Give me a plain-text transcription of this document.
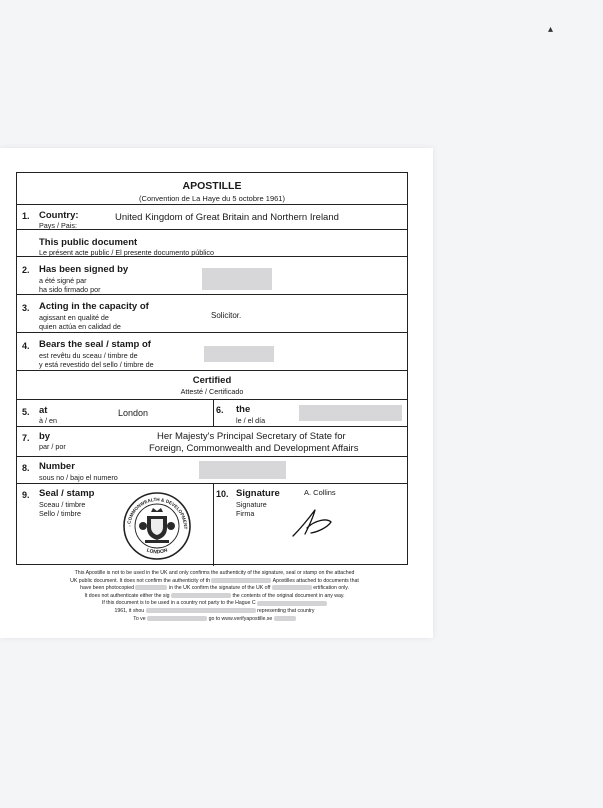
▴
APOSTILLE
(Convention de La Haye du 5 octobre 1961)
1. Country:
Pays / Pais:
United Kingdom of Great Britain and Northern Ireland
This public document
Le présent acte public / El presente documento público
2. Has been signed by
a été signé par
ha sido firmado por
3. Acting in the capacity of
agissant en qualité de
quien actúa en calidad de
Solicitor.
4. Bears the seal / stamp of
est revêtu du sceau / timbre de
y está revestido del sello / timbre de
Certified
Attesté / Certificado
5. at
à / en
London	6. the
le / el día
7. by
par / por
Her Majesty's Principal Secretary of State for
Foreign, Commonwealth and Development Affairs
8. Number
sous no / bajo el numero
9. Seal / stamp
Sceau / timbre
Sello / timbre
, COMMONWEALTH & DEVELOPMENT
LONDON
10. Signature
Signature
Firma
A. Collins
This Apostille is not to be used in the UK and only confirms the authenticity of the signature, seal or stamp on the attached
UK public document. It does not confirm the authenticity of th	Apostilles attached to documents that
have been photocopied	in the UK confirm the signature of the UK off	ertification only.
It does not authenticate either the sig	the contents of the original document in any way.
If this document is to be used in a country not party to the Hague C
1961, it shou	representing that country
To ve	go to www.verifyapostille.se
